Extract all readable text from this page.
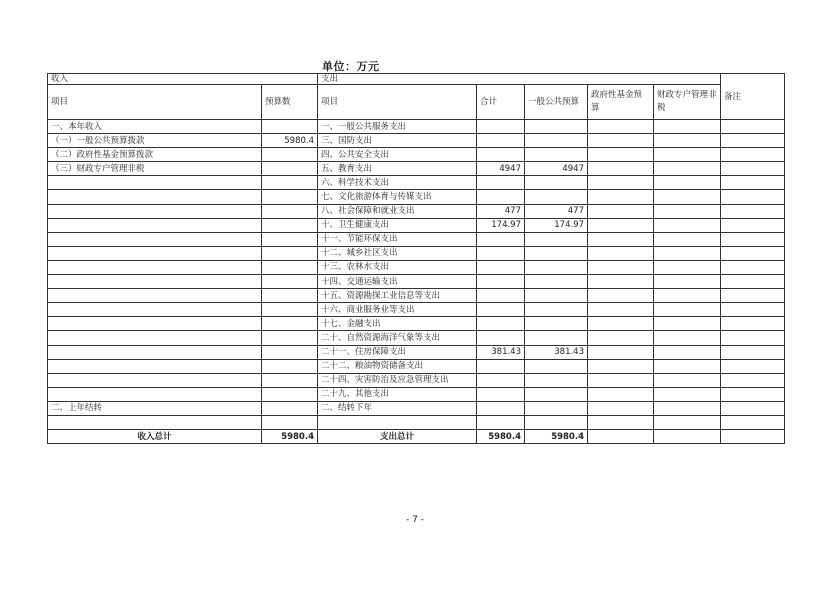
单位：万元
收入		支出					备注
项目	预算数	项目	合计	一般公共预算	政府性基金预算	财政专户管理非税	
一、本年收入		一、一般公共服务支出					
（一）一般公共预算拨款	5980.4	三、国防支出					
（二）政府性基金预算拨款		四、公共安全支出					
（三）财政专户管理非税		五、教育支出	4947	4947			
		六、科学技术支出					
		七、文化旅游体育与传媒支出					
		八、社会保障和就业支出	477	477			
		十、卫生健康支出	174.97	174.97			
		十一、节能环保支出					
		十二、城乡社区支出					
		十三、农林水支出					
		十四、交通运输支出					
		十五、资源勘探工业信息等支出					
		十六、商业服务业等支出					
		十七、金融支出					
		二十、自然资源海洋气象等支出					
		二十一、住房保障支出	381.43	381.43			
		二十二、粮油物资储备支出					
		二十四、灾害防治及应急管理支出					
		二十九、其他支出					
二、上年结转		二、结转下年					

收入总计	5980.4	支出总计	5980.4	5980.4			
- 7 -
